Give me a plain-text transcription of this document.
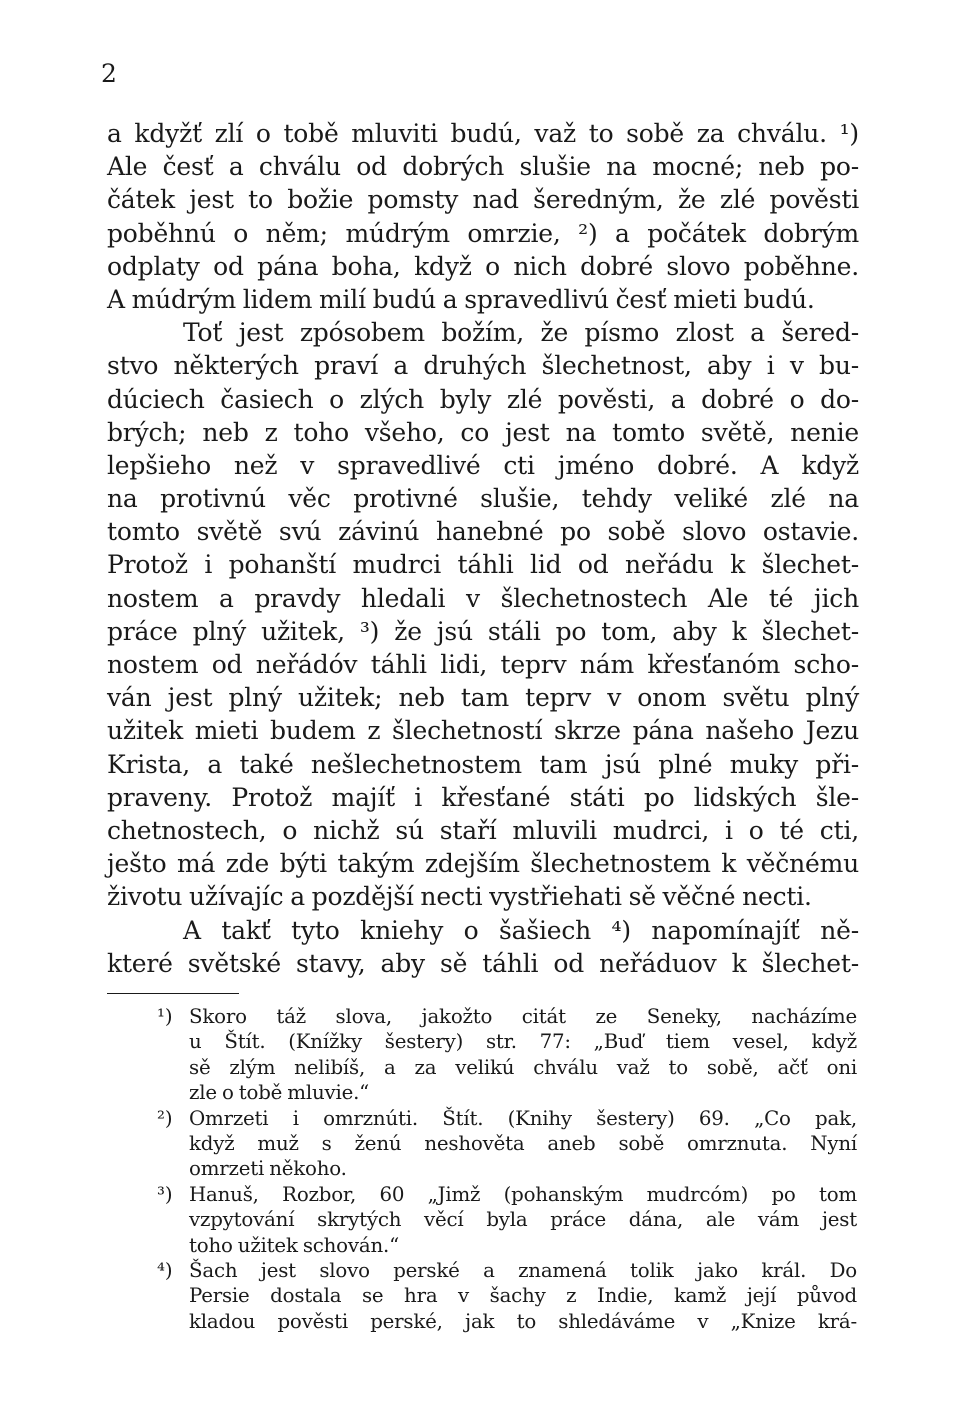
2
a kdyžť zlí o tobě mluviti budú, važ to sobě za chválu. ¹)
Ale česť a chválu od dobrých slušie na mocné; neb po-
čátek jest to božie pomsty nad šeredným, že zlé pověsti
poběhnú o něm; múdrým omrzie, ²) a počátek dobrým
odplaty od pána boha, když o nich dobré slovo poběhne.
A múdrým lidem milí budú a spravedlivú česť mieti budú.
Toť jest zpósobem božím, že písmo zlost a šered-
stvo některých praví a druhých šlechetnost, aby i v bu-
dúciech časiech o zlých byly zlé pověsti, a dobré o do-
brých; neb z toho všeho, co jest na tomto světě, nenie
lepšieho než v spravedlivé cti jméno dobré. A když
na protivnú věc protivné slušie, tehdy veliké zlé na
tomto světě svú závinú hanebné po sobě slovo ostavie.
Protož i pohanští mudrci táhli lid od neřádu k šlechet-
nostem a pravdy hledali v šlechetnostech Ale té jich
práce plný užitek, ³) že jsú stáli po tom, aby k šlechet-
nostem od neřádóv táhli lidi, teprv nám křesťanóm scho-
ván jest plný užitek; neb tam teprv v onom světu plný
užitek mieti budem z šlechetností skrze pána našeho Jezu
Krista, a také nešlechetnostem tam jsú plné muky při-
praveny. Protož majíť i křesťané státi po lidských šle-
chetnostech, o nichž sú staří mluvili mudrci, i o té cti,
ješto má zde býti takým zdejším šlechetnostem k věčnému
životu užívajíc a pozdější necti vystřiehati sě věčné necti.
A takť tyto kniehy o šašiech ⁴) napomínajíť ně-
které světské stavy, aby sě táhli od neřáduov k šlechet-
¹) Skoro táž slova, jakožto citát ze Seneky, nacházíme
u Štít. (Knížky šestery) str. 77: „Buď tiem vesel, když
sě zlým nelibíš, a za velikú chválu važ to sobě, ačť oni
zle o tobě mluvie.“
²) Omrzeti i omrznúti. Štít. (Knihy šestery) 69. „Co pak,
když muž s ženú neshověta aneb sobě omrznuta. Nyní
omrzeti někoho.
³) Hanuš, Rozbor, 60 „Jimž (pohanským mudrcóm) po tom
vzpytování skrytých věcí byla práce dána, ale vám jest
toho užitek schován.“
⁴) Šach jest slovo perské a znamená tolik jako král. Do
Persie dostala se hra v šachy z Indie, kamž její původ
kladou pověsti perské, jak to shledáváme v „Knize krá-
